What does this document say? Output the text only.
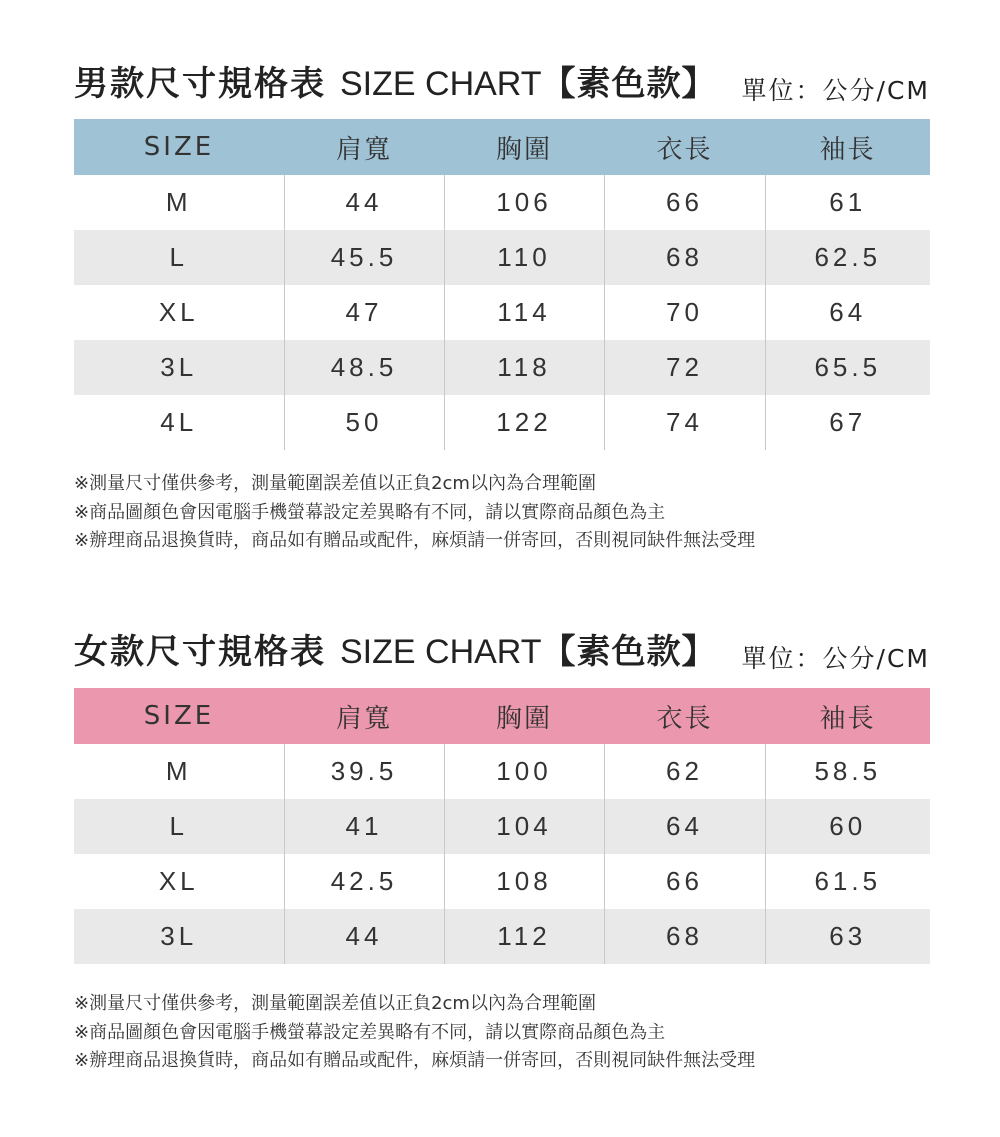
男款尺寸規格表 SIZE CHART【素色款】 單位：公分/CM
SIZE	肩寬	胸圍	衣長	袖長
M	44	106	66	61
L	45.5	110	68	62.5
XL	47	114	70	64
3L	48.5	118	72	65.5
4L	50	122	74	67
※測量尺寸僅供參考，測量範圍誤差值以正負2cm以內為合理範圍
※商品圖顏色會因電腦手機螢幕設定差異略有不同，請以實際商品顏色為主
※辦理商品退換貨時，商品如有贈品或配件，麻煩請一併寄回，否則視同缺件無法受理
女款尺寸規格表 SIZE CHART【素色款】 單位：公分/CM
SIZE	肩寬	胸圍	衣長	袖長
M	39.5	100	62	58.5
L	41	104	64	60
XL	42.5	108	66	61.5
3L	44	112	68	63
※測量尺寸僅供參考，測量範圍誤差值以正負2cm以內為合理範圍
※商品圖顏色會因電腦手機螢幕設定差異略有不同，請以實際商品顏色為主
※辦理商品退換貨時，商品如有贈品或配件，麻煩請一併寄回，否則視同缺件無法受理
